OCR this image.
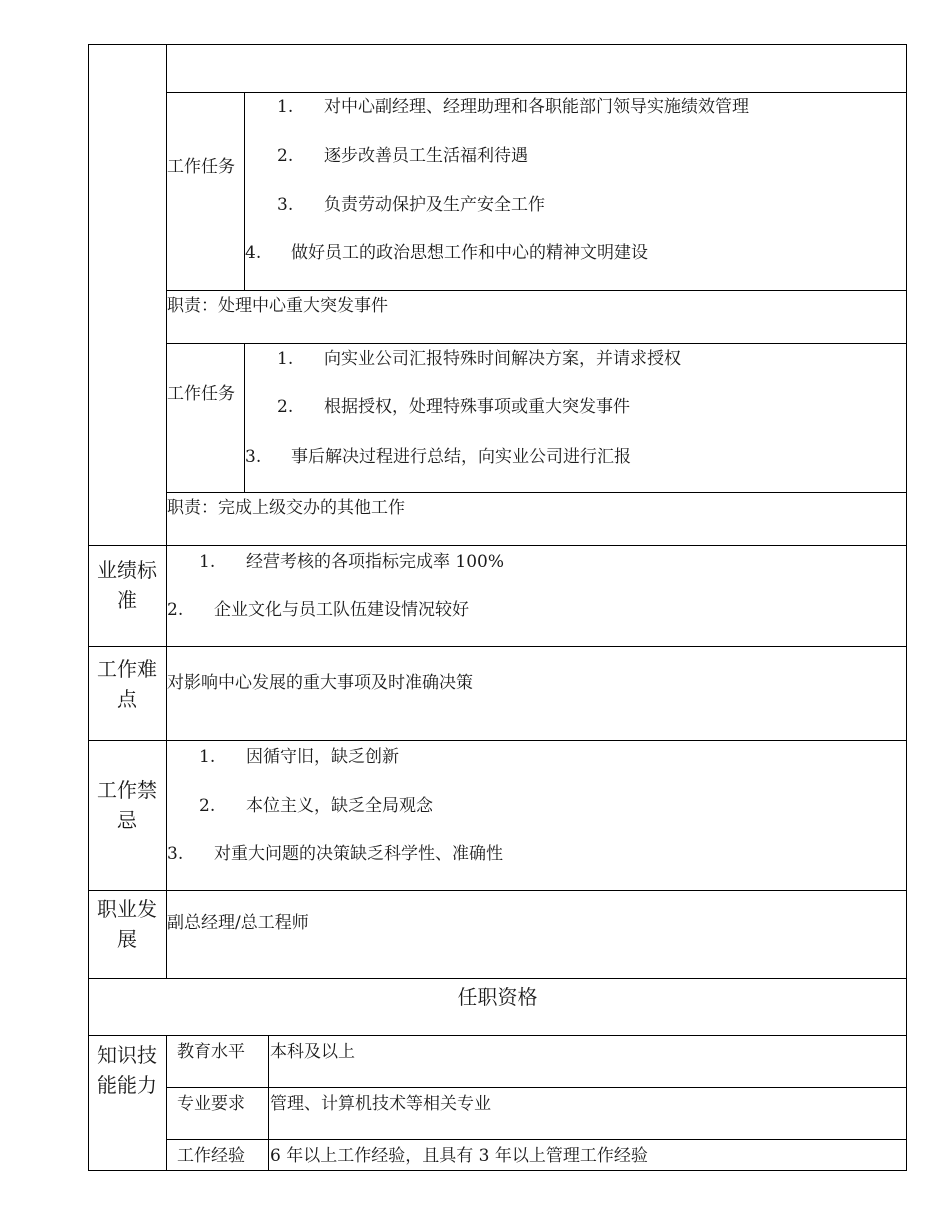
工作任务
1. 对中心副经理、经理助理和各职能部门领导实施绩效管理
2. 逐步改善员工生活福利待遇
3. 负责劳动保护及生产安全工作
4. 做好员工的政治思想工作和中心的精神文明建设
职责：处理中心重大突发事件
工作任务
1. 向实业公司汇报特殊时间解决方案，并请求授权
2. 根据授权，处理特殊事项或重大突发事件
3. 事后解决过程进行总结，向实业公司进行汇报
职责：完成上级交办的其他工作
业绩标准
1. 经营考核的各项指标完成率 100%
2. 企业文化与员工队伍建设情况较好
工作难点
对影响中心发展的重大事项及时准确决策
工作禁忌
1. 因循守旧，缺乏创新
2. 本位主义，缺乏全局观念
3. 对重大问题的决策缺乏科学性、准确性
职业发展
副总经理/总工程师
任职资格
知识技能能力
教育水平 本科及以上
专业要求 管理、计算机技术等相关专业
工作经验 6 年以上工作经验，且具有 3 年以上管理工作经验
